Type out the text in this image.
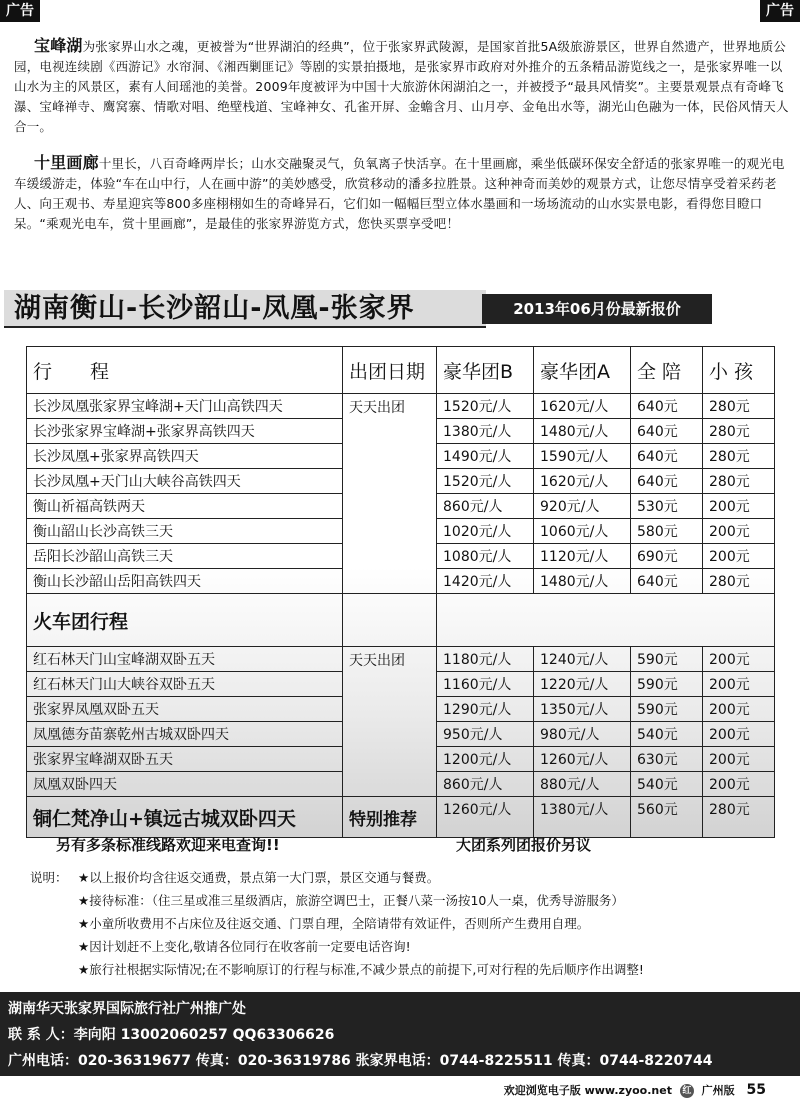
广告	广告

宝峰湖为张家界山水之魂，更被誉为“世界湖泊的经典”，位于张家界武陵源，是国家首批5A级旅游景区，世界自然遗产，世界地质公园，电视连续剧《西游记》水帘洞、《湘西剿匪记》等剧的实景拍摄地，是张家界市政府对外推介的五条精品游览线之一，是张家界唯一以山水为主的风景区，素有人间瑶池的美誉。2009年度被评为中国十大旅游休闲湖泊之一，并被授予“最具风情奖”。主要景观景点有奇峰飞瀑、宝峰禅寺、鹰窝寨、情歌对唱、绝壁栈道、宝峰神女、孔雀开屏、金蟾含月、山月亭、金龟出水等，湖光山色融为一体，民俗风情天人合一。

十里画廊十里长，八百奇峰两岸长；山水交融聚灵气，负氧离子快活享。在十里画廊，乘坐低碳环保安全舒适的张家界唯一的观光电车缓缓游走，体验“车在山中行，人在画中游”的美妙感受，欣赏移动的潘多拉胜景。这种神奇而美妙的观景方式，让您尽情享受着采药老人、向王观书、寿星迎宾等800多座栩栩如生的奇峰异石，它们如一幅幅巨型立体水墨画和一场场流动的山水实景电影，看得您目瞪口呆。“乘观光电车，赏十里画廊”，是最佳的张家界游览方式，您快买票享受吧！

湖南衡山-长沙韶山-凤凰-张家界	2013年06月份最新报价
行　　程	出团日期	豪华团B	豪华团A	全 陪	小 孩
长沙凤凰张家界宝峰湖+天门山高铁四天	天天出团	1520元/人	1620元/人	640元	280元
长沙张家界宝峰湖+张家界高铁四天		1380元/人	1480元/人	640元	280元
长沙凤凰+张家界高铁四天		1490元/人	1590元/人	640元	280元
长沙凤凰+天门山大峡谷高铁四天		1520元/人	1620元/人	640元	280元
衡山祈福高铁两天		860元/人	920元/人	530元	200元
衡山韶山长沙高铁三天		1020元/人	1060元/人	580元	200元
岳阳长沙韶山高铁三天		1080元/人	1120元/人	690元	200元
衡山长沙韶山岳阳高铁四天		1420元/人	1480元/人	640元	280元
火车团行程					
红石林天门山宝峰湖双卧五天	天天出团	1180元/人	1240元/人	590元	200元
红石林天门山大峡谷双卧五天		1160元/人	1220元/人	590元	200元
张家界凤凰双卧五天		1290元/人	1350元/人	590元	200元
凤凰德夯苗寨乾州古城双卧四天		950元/人	980元/人	540元	200元
张家界宝峰湖双卧五天		1200元/人	1260元/人	630元	200元
凤凰双卧四天		860元/人	880元/人	540元	200元
铜仁梵净山+镇远古城双卧四天	特别推荐	1260元/人	1380元/人	560元	280元
另有多条标准线路欢迎来电查询!!	大团系列团报价另议
说明： ★以上报价均含往返交通费，景点第一大门票，景区交通与餐费。
★接待标准：（住三星或准三星级酒店，旅游空调巴士，正餐八菜一汤按10人一桌，优秀导游服务）
★小童所收费用不占床位及往返交通、门票自理，全陪请带有效证件，否则所产生费用自理。
★因计划赶不上变化,敬请各位同行在收客前一定要电话咨询!
★旅行社根据实际情况;在不影响原订的行程与标准,不减少景点的前提下,可对行程的先后顺序作出调整!
湖南华天张家界国际旅行社广州推广处
联 系 人：李向阳 13002060257 QQ63306626
广州电话：020-36319677 传真：020-36319786 张家界电话：0744-8225511 传真：0744-8220744
欢迎浏览电子版 www.zyoo.net 红 广州版 55
